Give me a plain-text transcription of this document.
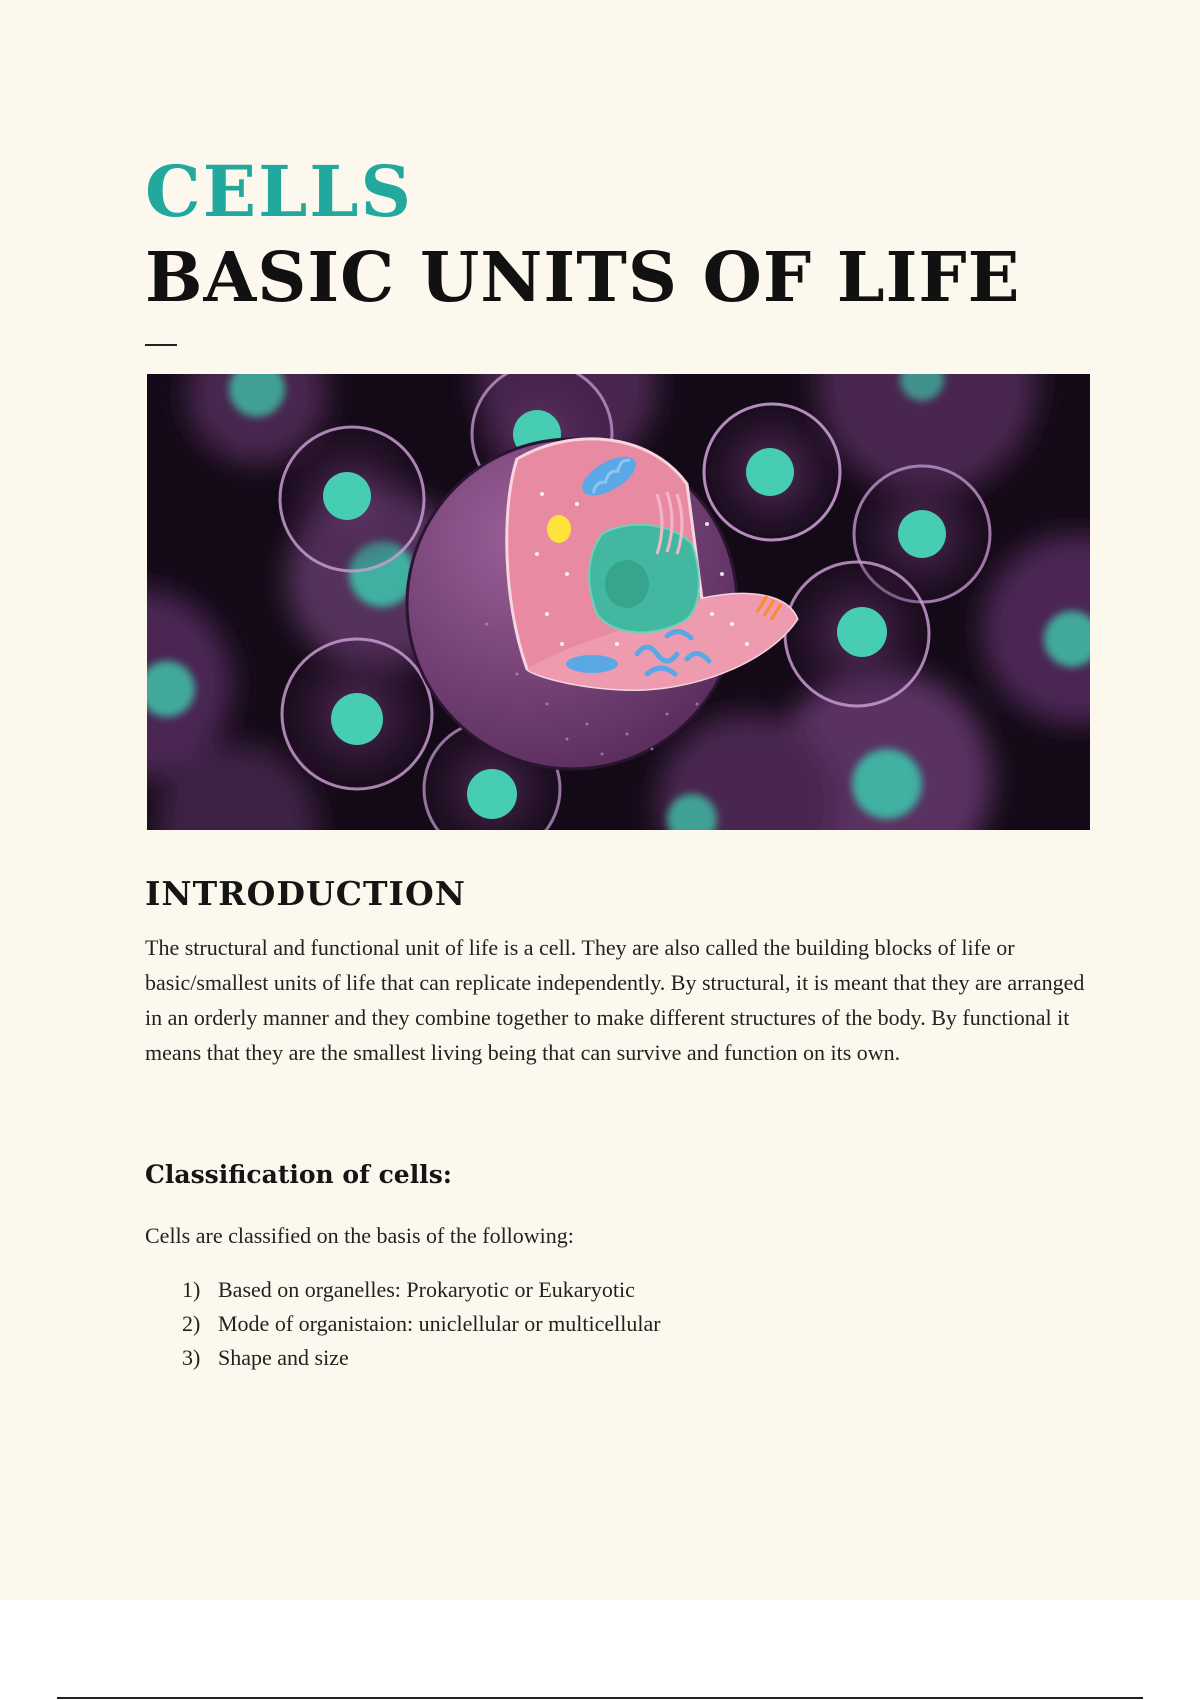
CELLS
BASIC UNITS OF LIFE
INTRODUCTION

The structural and functional unit of life is a cell. They are also called the building blocks of life or basic/smallest units of life that can replicate independently. By structural, it is meant that they are arranged in an orderly manner and they combine together to make different structures of the body. By functional it means that they are the smallest living being that can survive and function on its own.

Classification of cells:

Cells are classified on the basis of the following:

1) Based on organelles: Prokaryotic or Eukaryotic
2) Mode of organistaion: uniclellular or multicellular
3) Shape and size
